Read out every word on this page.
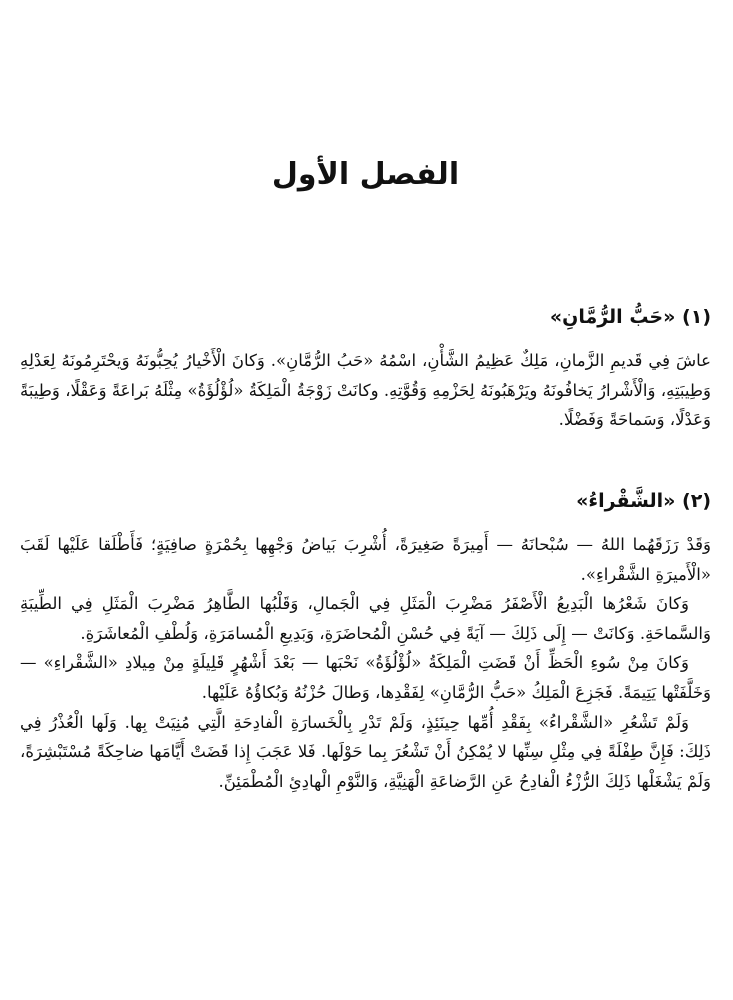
الفصل الأول
(١) «حَبُّ الرُّمَّانِ»

عاشَ فِي قَديمِ الزَّمانِ، مَلِكٌ عَظِيمُ الشَّأْنِ، اسْمُهُ «حَبُ الرُّمَّانِ». وَكانَ الْأَخْيارُ يُحِبُّونَهُ وَيحْتَرِمُونَهُ لِعَدْلِهِ وَطِيبَتِهِ، وَالْأَشْرارُ يَخافُونَهُ ويَرْهَبُونَهُ لِحَزْمِهِ وَقُوَّتِهِ. وكانَتْ زَوْجَةُ الْمَلِكَةُ «لُؤْلُؤَةُ» مِثْلَهُ بَراعَةً وَعَقْلًا، وَطِيبَةً وَعَدْلًا، وَسَماحَةً وَفَضْلًا.

(٢) «الشَّقْراءُ»

وَقَدْ رَزَقَهُما اللهُ — سُبْحانَهُ — أَمِيرَةً صَغِيرَةً، أُشْرِبَ بَياضُ وَجْهِها بِحُمْرَةٍ صافِيَةٍ؛ فَأَطْلَقا عَلَيْها لَقَبَ «الْأَميرَةِ الشَّقْراءِ».

وَكانَ شَعْرُها الْبَدِيعُ الْأَصْفَرُ مَضْرِبَ الْمَثَلِ فِي الْجَمالِ، وَقَلْبُها الطَّاهِرُ مَضْرِبَ الْمَثَلِ فِي الطِّيبَةِ وَالسَّماحَةِ. وَكانَتْ — إِلَى ذَلِكَ — آيَةً فِي حُسْنِ الْمُحاضَرَةِ، وَبَدِيعِ الْمُسامَرَةِ، وَلُطْفِ الْمُعاشَرَةِ.

وَكانَ مِنْ سُوءِ الْحَظِّ أَنْ قَضَتِ الْمَلِكَةُ «لُؤْلُؤَةُ» نَحْبَها — بَعْدَ أَشْهُرٍ قَلِيلَةٍ مِنْ مِيلادِ «الشَّقْراءِ» — وَخَلَّفَتْها يَتِيمَةً. فَجَزِعَ الْمَلِكُ «حَبُّ الرُّمَّانِ» لِفَقْدِها، وَطالَ حُزْنُهُ وَبُكاؤُهُ عَلَيْها.

وَلَمْ تَشْعُرِ «الشَّقْراءُ» بِفَقْدِ أُمِّها حِينَئِذٍ، وَلَمْ تَدْرِ بِالْخَسارَةِ الْفادِحَةِ الَّتِي مُنِيَتْ بِها. وَلَها الْعُذْرُ فِي ذَلِكَ: فَإِنَّ طِفْلَةً فِي مِثْلِ سِنِّها لا يُمْكِنُ أَنْ تَشْعُرَ بِما حَوْلَها. فَلا عَجَبَ إِذا قَضَتْ أَيَّامَها ضاحِكَةً مُسْتَبْشِرَةً، وَلَمْ يَشْغَلْها ذَلِكَ الرُّزْءُ الْفادِحُ عَنِ الرَّضاعَةِ الْهَنِيَّةِ، وَالنَّوْمِ الْهادِئِ الْمُطْمَئِنِّ.
